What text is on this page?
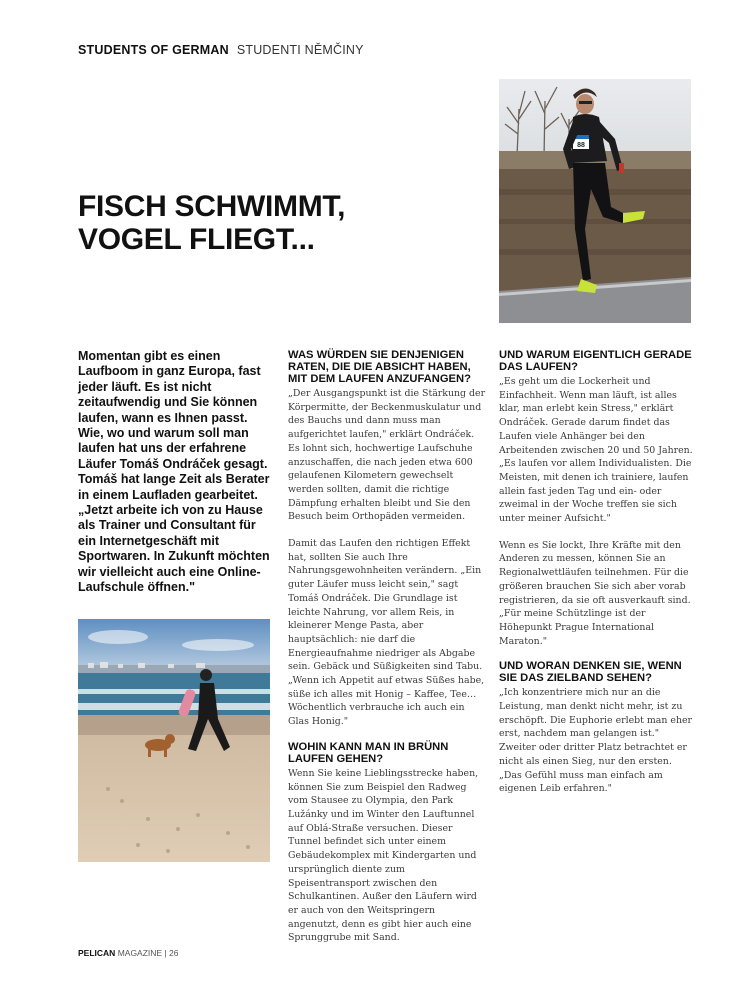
STUDENTS OF GERMAN STUDENTI NĚMČINY
88
FISCH SCHWIMMT,
VOGEL FLIEGT...
Momentan gibt es einen Laufboom in ganz Europa, fast jeder läuft. Es ist nicht zeitaufwendig und Sie können laufen, wann es Ihnen passt. Wie, wo und warum soll man laufen hat uns der erfahrene Läufer Tomáš Ondráček gesagt. Tomáš hat lange Zeit als Berater in einem Laufladen gearbeitet. „Jetzt arbeite ich von zu Hause als Trainer und Consultant für ein Internetgeschäft mit Sportwaren. In Zukunft möchten wir vielleicht auch eine Online-Laufschule öffnen."
WAS WÜRDEN SIE DENJENIGEN RATEN, DIE DIE ABSICHT HABEN, MIT DEM LAUFEN ANZUFANGEN?

„Der Ausgangspunkt ist die Stärkung der Körpermitte, der Beckenmuskulatur und des Bauchs und dann muss man aufgerichtet laufen," erklärt Ondráček. Es lohnt sich, hochwertige Laufschuhe anzuschaffen, die nach jeden etwa 600 gelaufenen Kilometern gewechselt werden sollten, damit die richtige Dämpfung erhalten bleibt und Sie den Besuch beim Orthopäden vermeiden.

Damit das Laufen den richtigen Effekt hat, sollten Sie auch Ihre Nahrungsgewohnheiten verändern. „Ein guter Läufer muss leicht sein," sagt Tomáš Ondráček. Die Grundlage ist leichte Nahrung, vor allem Reis, in kleinerer Menge Pasta, aber hauptsächlich: nie darf die Energieaufnahme niedriger als Abgabe sein. Gebäck und Süßigkeiten sind Tabu. „Wenn ich Appetit auf etwas Süßes habe, süße ich alles mit Honig – Kaffee, Tee… Wöchentlich verbrauche ich auch ein Glas Honig."

WOHIN KANN MAN IN BRÜNN LAUFEN GEHEN?

Wenn Sie keine Lieblingsstrecke haben, können Sie zum Beispiel den Radweg vom Stausee zu Olympia, den Park Lužánky und im Winter den Lauftunnel auf Oblá-Straße versuchen. Dieser Tunnel befindet sich unter einem Gebäudekomplex mit Kindergarten und ursprünglich diente zum Speisentransport zwischen den Schulkantinen. Außer den Läufern wird er auch von den Weitspringern angenutzt, denn es gibt hier auch eine Sprunggrube mit Sand.

UND WARUM EIGENTLICH GERADE DAS LAUFEN?

„Es geht um die Lockerheit und Einfachheit. Wenn man läuft, ist alles klar, man erlebt kein Stress," erklärt Ondráček. Gerade darum findet das Laufen viele Anhänger bei den Arbeitenden zwischen 20 und 50 Jahren. „Es laufen vor allem Individualisten. Die Meisten, mit denen ich trainiere, laufen allein fast jeden Tag und ein- oder zweimal in der Woche treffen sie sich unter meiner Aufsicht."

Wenn es Sie lockt, Ihre Kräfte mit den Anderen zu messen, können Sie an Regionalwettläufen teilnehmen. Für die größeren brauchen Sie sich aber vorab registrieren, da sie oft ausverkauft sind. „Für meine Schützlinge ist der Höhepunkt Prague International Maraton."

UND WORAN DENKEN SIE, WENN SIE DAS ZIELBAND SEHEN?

„Ich konzentriere mich nur an die Leistung, man denkt nicht mehr, ist zu erschöpft. Die Euphorie erlebt man eher erst, nachdem man gelangen ist." Zweiter oder dritter Platz betrachtet er nicht als einen Sieg, nur den ersten. „Das Gefühl muss man einfach am eigenen Leib erfahren."

PELICAN MAGAZINE | 26
